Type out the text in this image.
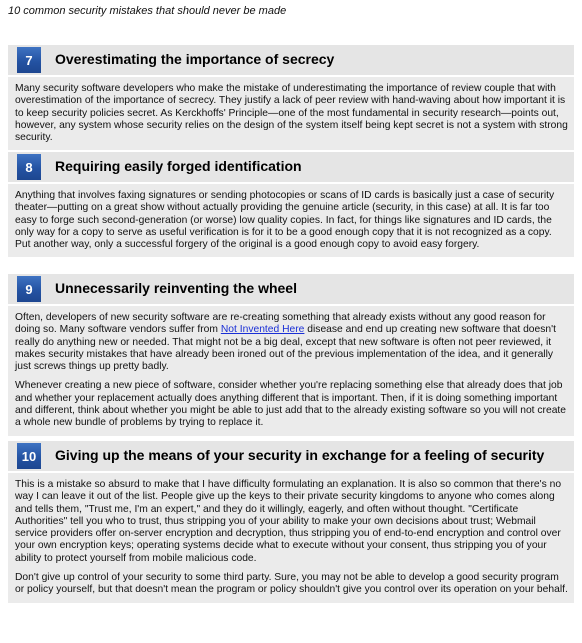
10 common security mistakes that should never be made
7	Overestimating the importance of secrecy

Many security software developers who make the mistake of underestimating the importance of review couple that with overestimation of the importance of secrecy. They justify a lack of peer review with hand-waving about how important it is to keep security policies secret. As Kerckhoffs' Principle—one of the most fundamental in security research—points out, however, any system whose security relies on the design of the system itself being kept secret is not a system with strong security.

8	Requiring easily forged identification

Anything that involves faxing signatures or sending photocopies or scans of ID cards is basically just a case of security theater—putting on a great show without actually providing the genuine article (security, in this case) at all. It is far too easy to forge such second-generation (or worse) low quality copies. In fact, for things like signatures and ID cards, the only way for a copy to serve as useful verification is for it to be a good enough copy that it is not recognized as a copy. Put another way, only a successful forgery of the original is a good enough copy to avoid easy forgery.

9	Unnecessarily reinventing the wheel

Often, developers of new security software are re-creating something that already exists without any good reason for doing so. Many software vendors suffer from Not Invented Here disease and end up creating new software that doesn't really do anything new or needed. That might not be a big deal, except that new software is often not peer reviewed, it makes security mistakes that have already been ironed out of the previous implementation of the idea, and it generally just screws things up pretty badly.

Whenever creating a new piece of software, consider whether you're replacing something else that already does that job and whether your replacement actually does anything different that is important. Then, if it is doing something important and different, think about whether you might be able to just add that to the already existing software so you will not create a whole new bundle of problems by trying to replace it.

10	Giving up the means of your security in exchange for a feeling of security

This is a mistake so absurd to make that I have difficulty formulating an explanation. It is also so common that there's no way I can leave it out of the list. People give up the keys to their private security kingdoms to anyone who comes along and tells them, "Trust me, I'm an expert," and they do it willingly, eagerly, and often without thought. "Certificate Authorities" tell you who to trust, thus stripping you of your ability to make your own decisions about trust; Webmail service providers offer on-server encryption and decryption, thus stripping you of end-to-end encryption and control over your own encryption keys; operating systems decide what to execute without your consent, thus stripping you of your ability to protect yourself from mobile malicious code.

Don't give up control of your security to some third party. Sure, you may not be able to develop a good security program or policy yourself, but that doesn't mean the program or policy shouldn't give you control over its operation on your behalf.
